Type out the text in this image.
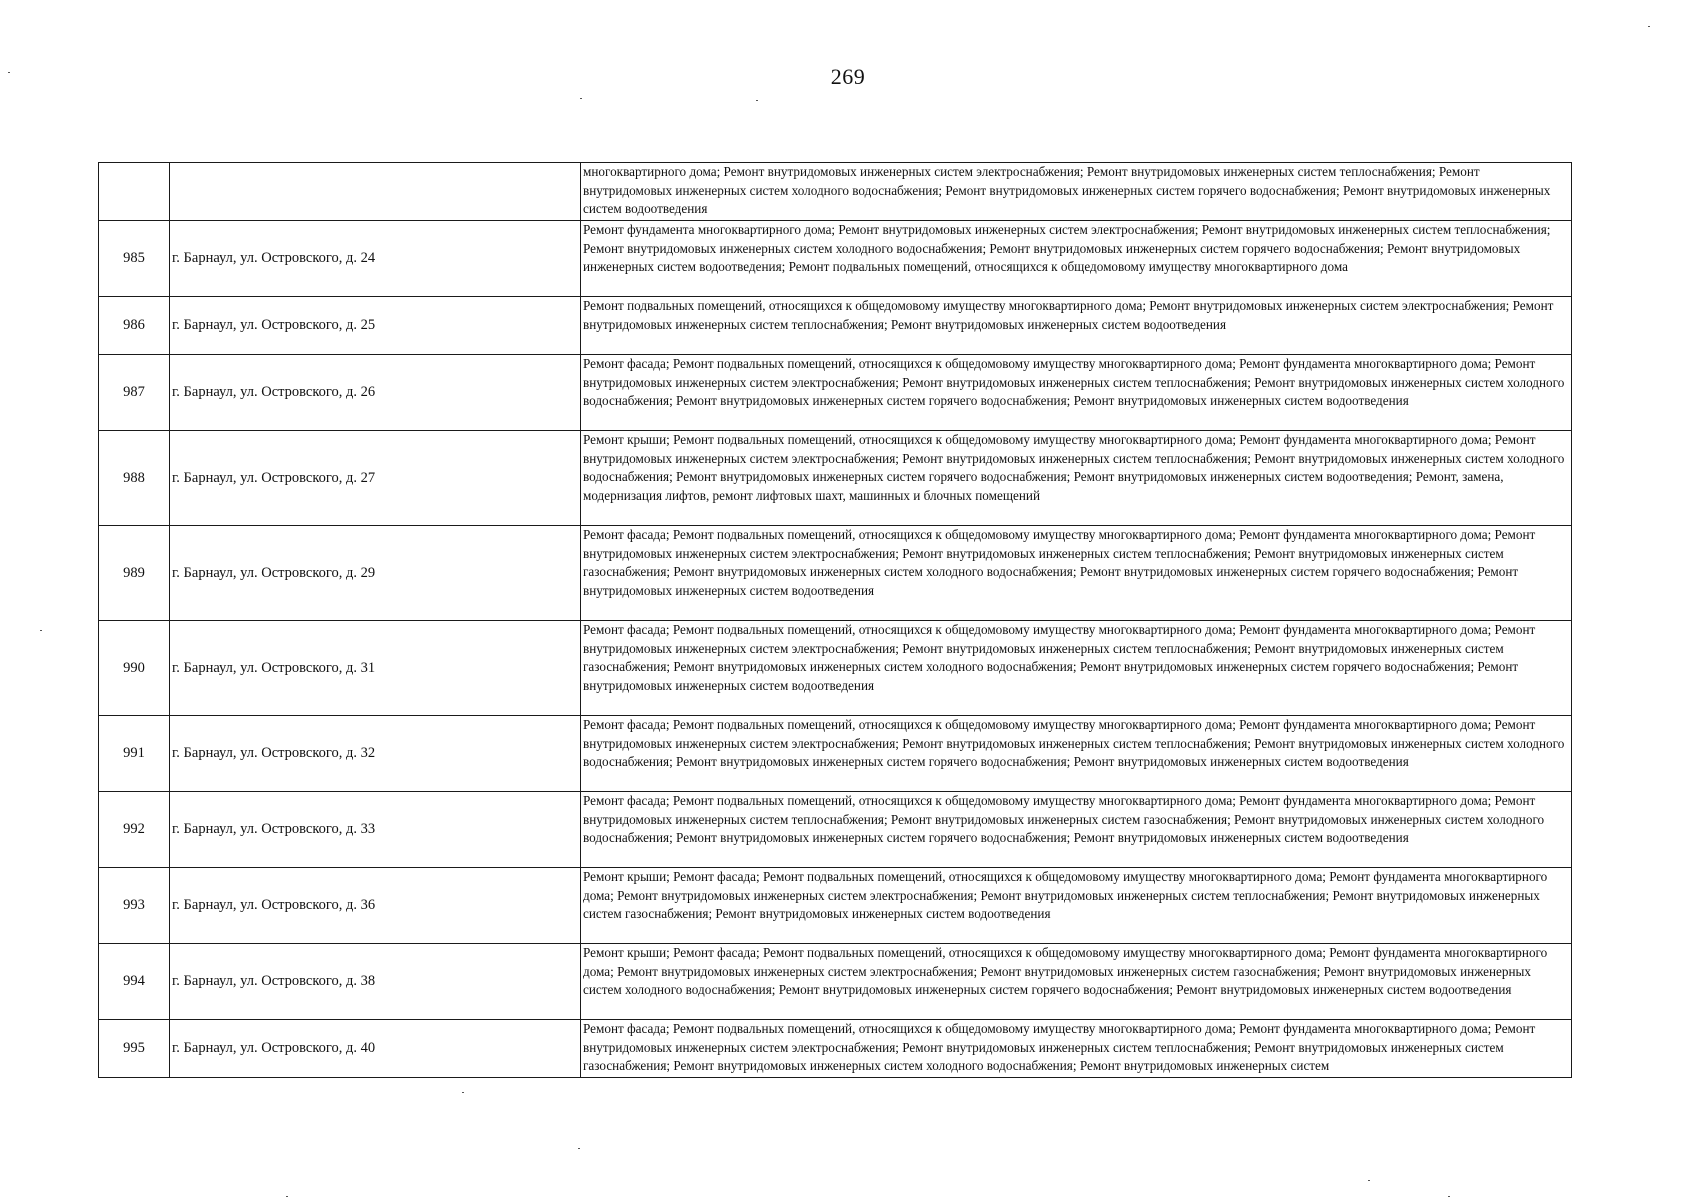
269
		многоквартирного дома; Ремонт внутридомовых инженерных систем электроснабжения; Ремонт внутридомовых инженерных систем теплоснабжения; Ремонт внутридомовых инженерных систем холодного водоснабжения; Ремонт внутридомовых инженерных систем горячего водоснабжения; Ремонт внутридомовых инженерных систем водоотведения
985	г. Барнаул, ул. Островского, д. 24	Ремонт фундамента многоквартирного дома; Ремонт внутридомовых инженерных систем электроснабжения; Ремонт внутридомовых инженерных систем теплоснабжения; Ремонт внутридомовых инженерных систем холодного водоснабжения; Ремонт внутридомовых инженерных систем горячего водоснабжения; Ремонт внутридомовых инженерных систем водоотведения; Ремонт подвальных помещений, относящихся к общедомовому имуществу многоквартирного дома
986	г. Барнаул, ул. Островского, д. 25	Ремонт подвальных помещений, относящихся к общедомовому имуществу многоквартирного дома; Ремонт внутридомовых инженерных систем электроснабжения; Ремонт внутридомовых инженерных систем теплоснабжения; Ремонт внутридомовых инженерных систем водоотведения
987	г. Барнаул, ул. Островского, д. 26	Ремонт фасада; Ремонт подвальных помещений, относящихся к общедомовому имуществу многоквартирного дома; Ремонт фундамента многоквартирного дома; Ремонт внутридомовых инженерных систем электроснабжения; Ремонт внутридомовых инженерных систем теплоснабжения; Ремонт внутридомовых инженерных систем холодного водоснабжения; Ремонт внутридомовых инженерных систем горячего водоснабжения; Ремонт внутридомовых инженерных систем водоотведения
988	г. Барнаул, ул. Островского, д. 27	Ремонт крыши; Ремонт подвальных помещений, относящихся к общедомовому имуществу многоквартирного дома; Ремонт фундамента многоквартирного дома; Ремонт внутридомовых инженерных систем электроснабжения; Ремонт внутридомовых инженерных систем теплоснабжения; Ремонт внутридомовых инженерных систем холодного водоснабжения; Ремонт внутридомовых инженерных систем горячего водоснабжения; Ремонт внутридомовых инженерных систем водоотведения; Ремонт, замена, модернизация лифтов, ремонт лифтовых шахт, машинных и блочных помещений
989	г. Барнаул, ул. Островского, д. 29	Ремонт фасада; Ремонт подвальных помещений, относящихся к общедомовому имуществу многоквартирного дома; Ремонт фундамента многоквартирного дома; Ремонт внутридомовых инженерных систем электроснабжения; Ремонт внутридомовых инженерных систем теплоснабжения; Ремонт внутридомовых инженерных систем газоснабжения; Ремонт внутридомовых инженерных систем холодного водоснабжения; Ремонт внутридомовых инженерных систем горячего водоснабжения; Ремонт внутридомовых инженерных систем водоотведения
990	г. Барнаул, ул. Островского, д. 31	Ремонт фасада; Ремонт подвальных помещений, относящихся к общедомовому имуществу многоквартирного дома; Ремонт фундамента многоквартирного дома; Ремонт внутридомовых инженерных систем электроснабжения; Ремонт внутридомовых инженерных систем теплоснабжения; Ремонт внутридомовых инженерных систем газоснабжения; Ремонт внутридомовых инженерных систем холодного водоснабжения; Ремонт внутридомовых инженерных систем горячего водоснабжения; Ремонт внутридомовых инженерных систем водоотведения
991	г. Барнаул, ул. Островского, д. 32	Ремонт фасада; Ремонт подвальных помещений, относящихся к общедомовому имуществу многоквартирного дома; Ремонт фундамента многоквартирного дома; Ремонт внутридомовых инженерных систем электроснабжения; Ремонт внутридомовых инженерных систем теплоснабжения; Ремонт внутридомовых инженерных систем холодного водоснабжения; Ремонт внутридомовых инженерных систем горячего водоснабжения; Ремонт внутридомовых инженерных систем водоотведения
992	г. Барнаул, ул. Островского, д. 33	Ремонт фасада; Ремонт подвальных помещений, относящихся к общедомовому имуществу многоквартирного дома; Ремонт фундамента многоквартирного дома; Ремонт внутридомовых инженерных систем теплоснабжения; Ремонт внутридомовых инженерных систем газоснабжения; Ремонт внутридомовых инженерных систем холодного водоснабжения; Ремонт внутридомовых инженерных систем горячего водоснабжения; Ремонт внутридомовых инженерных систем водоотведения
993	г. Барнаул, ул. Островского, д. 36	Ремонт крыши; Ремонт фасада; Ремонт подвальных помещений, относящихся к общедомовому имуществу многоквартирного дома; Ремонт фундамента многоквартирного дома; Ремонт внутридомовых инженерных систем электроснабжения; Ремонт внутридомовых инженерных систем теплоснабжения; Ремонт внутридомовых инженерных систем газоснабжения; Ремонт внутридомовых инженерных систем водоотведения
994	г. Барнаул, ул. Островского, д. 38	Ремонт крыши; Ремонт фасада; Ремонт подвальных помещений, относящихся к общедомовому имуществу многоквартирного дома; Ремонт фундамента многоквартирного дома; Ремонт внутридомовых инженерных систем электроснабжения; Ремонт внутридомовых инженерных систем газоснабжения; Ремонт внутридомовых инженерных систем холодного водоснабжения; Ремонт внутридомовых инженерных систем горячего водоснабжения; Ремонт внутридомовых инженерных систем водоотведения
995	г. Барнаул, ул. Островского, д. 40	Ремонт фасада; Ремонт подвальных помещений, относящихся к общедомовому имуществу многоквартирного дома; Ремонт фундамента многоквартирного дома; Ремонт внутридомовых инженерных систем электроснабжения; Ремонт внутридомовых инженерных систем теплоснабжения; Ремонт внутридомовых инженерных систем газоснабжения; Ремонт внутридомовых инженерных систем холодного водоснабжения; Ремонт внутридомовых инженерных систем
